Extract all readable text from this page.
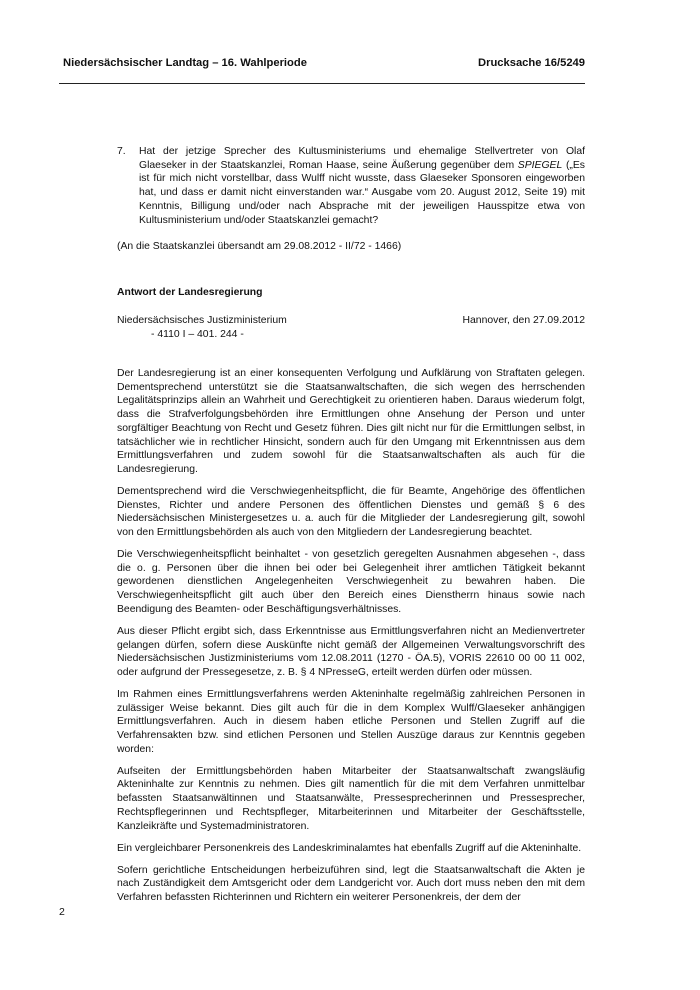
Niedersächsischer Landtag – 16. Wahlperiode	Drucksache 16/5249
7. Hat der jetzige Sprecher des Kultusministeriums und ehemalige Stellvertreter von Olaf Glaeseker in der Staatskanzlei, Roman Haase, seine Äußerung gegenüber dem SPIEGEL („Es ist für mich nicht vorstellbar, dass Wulff nicht wusste, dass Glaeseker Sponsoren eingeworben hat, und dass er damit nicht einverstanden war.“ Ausgabe vom 20. August 2012, Seite 19) mit Kenntnis, Billigung und/oder nach Absprache mit der jeweiligen Hausspitze etwa von Kultusministerium und/oder Staatskanzlei gemacht?
(An die Staatskanzlei übersandt am 29.08.2012 - II/72 - 1466)
Antwort der Landesregierung
Niedersächsisches Justizministerium
- 4110 I – 401. 244 -
Hannover, den 27.09.2012

Der Landesregierung ist an einer konsequenten Verfolgung und Aufklärung von Straftaten gelegen. Dementsprechend unterstützt sie die Staatsanwaltschaften, die sich wegen des herrschenden Legalitätsprinzips allein an Wahrheit und Gerechtigkeit zu orientieren haben. Daraus wiederum folgt, dass die Strafverfolgungsbehörden ihre Ermittlungen ohne Ansehung der Person und unter sorgfältiger Beachtung von Recht und Gesetz führen. Dies gilt nicht nur für die Ermittlungen selbst, in tatsächlicher wie in rechtlicher Hinsicht, sondern auch für den Umgang mit Erkenntnissen aus dem Ermittlungsverfahren und zudem sowohl für die Staatsanwaltschaften als auch für die Landesregierung.

Dementsprechend wird die Verschwiegenheitspflicht, die für Beamte, Angehörige des öffentlichen Dienstes, Richter und andere Personen des öffentlichen Dienstes und gemäß § 6 des Niedersächsischen Ministergesetzes u. a. auch für die Mitglieder der Landesregierung gilt, sowohl von den Ermittlungsbehörden als auch von den Mitgliedern der Landesregierung beachtet.

Die Verschwiegenheitspflicht beinhaltet - von gesetzlich geregelten Ausnahmen abgesehen -, dass die o. g. Personen über die ihnen bei oder bei Gelegenheit ihrer amtlichen Tätigkeit bekannt gewordenen dienstlichen Angelegenheiten Verschwiegenheit zu bewahren haben. Die Verschwiegenheitspflicht gilt auch über den Bereich eines Dienstherrn hinaus sowie nach Beendigung des Beamten- oder Beschäftigungsverhältnisses.

Aus dieser Pflicht ergibt sich, dass Erkenntnisse aus Ermittlungsverfahren nicht an Medienvertreter gelangen dürfen, sofern diese Auskünfte nicht gemäß der Allgemeinen Verwaltungsvorschrift des Niedersächsischen Justizministeriums vom 12.08.2011 (1270 - ÖA.5), VORIS 22610 00 00 11 002, oder aufgrund der Pressegesetze, z. B. § 4 NPresseG, erteilt werden dürfen oder müssen.

Im Rahmen eines Ermittlungsverfahrens werden Akteninhalte regelmäßig zahlreichen Personen in zulässiger Weise bekannt. Dies gilt auch für die in dem Komplex Wulff/Glaeseker anhängigen Ermittlungsverfahren. Auch in diesem haben etliche Personen und Stellen Zugriff auf die Verfahrensakten bzw. sind etlichen Personen und Stellen Auszüge daraus zur Kenntnis gegeben worden:

Aufseiten der Ermittlungsbehörden haben Mitarbeiter der Staatsanwaltschaft zwangsläufig Akteninhalte zur Kenntnis zu nehmen. Dies gilt namentlich für die mit dem Verfahren unmittelbar befassten Staatsanwältinnen und Staatsanwälte, Pressesprecherinnen und Pressesprecher, Rechtspflegerinnen und Rechtspfleger, Mitarbeiterinnen und Mitarbeiter der Geschäftsstelle, Kanzleikräfte und Systemadministratoren.

Ein vergleichbarer Personenkreis des Landeskriminalamtes hat ebenfalls Zugriff auf die Akteninhalte.

Sofern gerichtliche Entscheidungen herbeizuführen sind, legt die Staatsanwaltschaft die Akten je nach Zuständigkeit dem Amtsgericht oder dem Landgericht vor. Auch dort muss neben den mit dem Verfahren befassten Richterinnen und Richtern ein weiterer Personenkreis, der dem der

2
